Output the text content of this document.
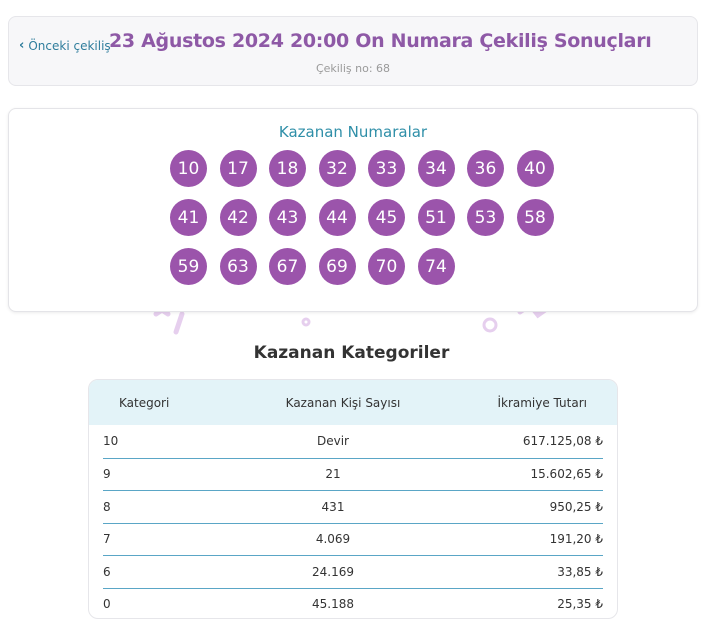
‹ Önceki çekiliş
23 Ağustos 2024 20:00 On Numara Çekiliş Sonuçları
Çekiliş no: 68
Kazanan Numaralar
10	17	18	32	33	34	36	40
41	42	43	44	45	51	53	58
59	63	67	69	70	74
Kazanan Kategoriler
Kategori	Kazanan Kişi Sayısı	İkramiye Tutarı
10	Devir	617.125,08 ₺
9	21	15.602,65 ₺
8	431	950,25 ₺
7	4.069	191,20 ₺
6	24.169	33,85 ₺
0	45.188	25,35 ₺
